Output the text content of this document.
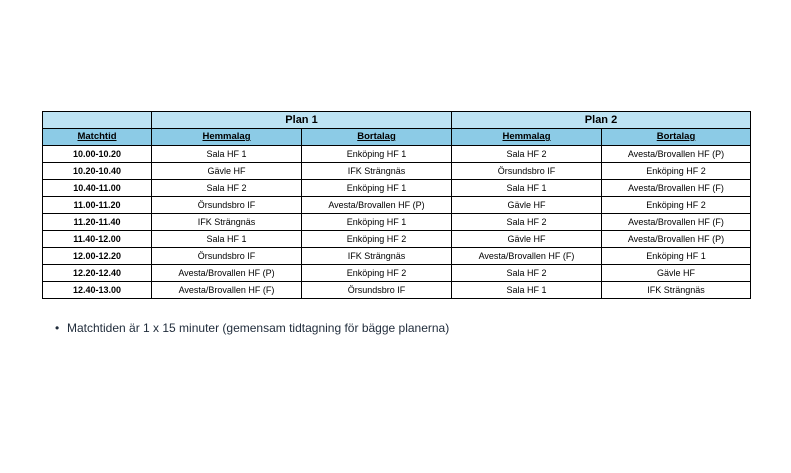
	Plan 1		Plan 2	
Matchtid	Hemmalag	Bortalag	Hemmalag	Bortalag
10.00-10.20	Sala HF 1	Enköping HF 1	Sala HF 2	Avesta/Brovallen HF (P)
10.20-10.40	Gävle HF	IFK Strängnäs	Örsundsbro IF	Enköping HF 2
10.40-11.00	Sala HF 2	Enköping HF 1	Sala HF 1	Avesta/Brovallen HF (F)
11.00-11.20	Örsundsbro IF	Avesta/Brovallen HF (P)	Gävle HF	Enköping HF 2
11.20-11.40	IFK Strängnäs	Enköping HF 1	Sala HF 2	Avesta/Brovallen HF (F)
11.40-12.00	Sala HF 1	Enköping HF 2	Gävle HF	Avesta/Brovallen HF (P)
12.00-12.20	Örsundsbro IF	IFK Strängnäs	Avesta/Brovallen HF (F)	Enköping HF 1
12.20-12.40	Avesta/Brovallen HF (P)	Enköping HF 2	Sala HF 2	Gävle HF
12.40-13.00	Avesta/Brovallen HF (F)	Örsundsbro IF	Sala HF 1	IFK Strängnäs
• Matchtiden är 1 x 15 minuter (gemensam tidtagning för bägge planerna)
